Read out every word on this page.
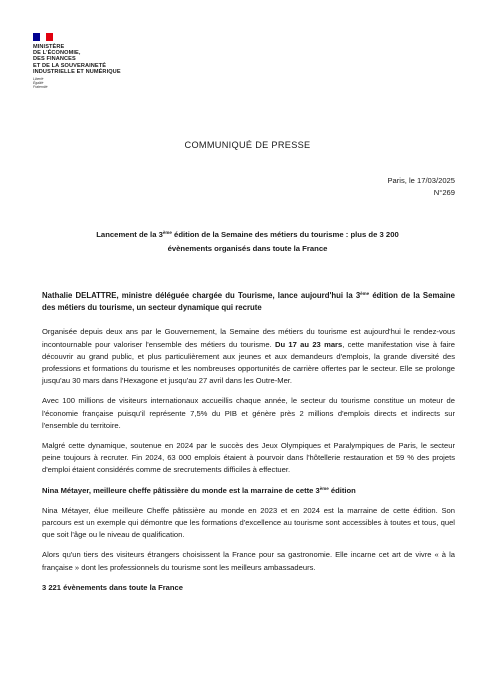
MINISTÈRE
DE L'ÉCONOMIE,
DES FINANCES
ET DE LA SOUVERAINETÉ
INDUSTRIELLE ET NUMÉRIQUE
Liberté
Égalité
Fraternité
COMMUNIQUÉ DE PRESSE
Paris, le 17/03/2025
N°269
Lancement de la 3ème édition de la Semaine des métiers du tourisme : plus de 3 200
évènements organisés dans toute la France

Nathalie DELATTRE, ministre déléguée chargée du Tourisme, lance aujourd'hui la 3ème édition de la Semaine des métiers du tourisme, un secteur dynamique qui recrute

Organisée depuis deux ans par le Gouvernement, la Semaine des métiers du tourisme est aujourd'hui le rendez-vous incontournable pour valoriser l'ensemble des métiers du tourisme. Du 17 au 23 mars, cette manifestation vise à faire découvrir au grand public, et plus particulièrement aux jeunes et aux demandeurs d'emplois, la grande diversité des professions et formations du tourisme et les nombreuses opportunités de carrière offertes par le secteur. Elle se prolonge jusqu'au 30 mars dans l'Hexagone et jusqu'au 27 avril dans les Outre-Mer.

Avec 100 millions de visiteurs internationaux accueillis chaque année, le secteur du tourisme constitue un moteur de l'économie française puisqu'il représente 7,5% du PIB et génère près 2 millions d'emplois directs et indirects sur l'ensemble du territoire.

Malgré cette dynamique, soutenue en 2024 par le succès des Jeux Olympiques et Paralympiques de Paris, le secteur peine toujours à recruter. Fin 2024, 63 000 emplois étaient à pourvoir dans l'hôtellerie restauration et 59 % des projets d'emploi étaient considérés comme de srecrutements difficiles à effectuer.

Nina Métayer, meilleure cheffe pâtissière du monde est la marraine de cette 3ème édition

Nina Métayer, élue meilleure Cheffe pâtissière au monde en 2023 et en 2024 est la marraine de cette édition. Son parcours est un exemple qui démontre que les formations d'excellence au tourisme sont accessibles à toutes et tous, quel que soit l'âge ou le niveau de qualification.

Alors qu'un tiers des visiteurs étrangers choisissent la France pour sa gastronomie. Elle incarne cet art de vivre « à la française » dont les professionnels du tourisme sont les meilleurs ambassadeurs.

3 221 évènements dans toute la France
